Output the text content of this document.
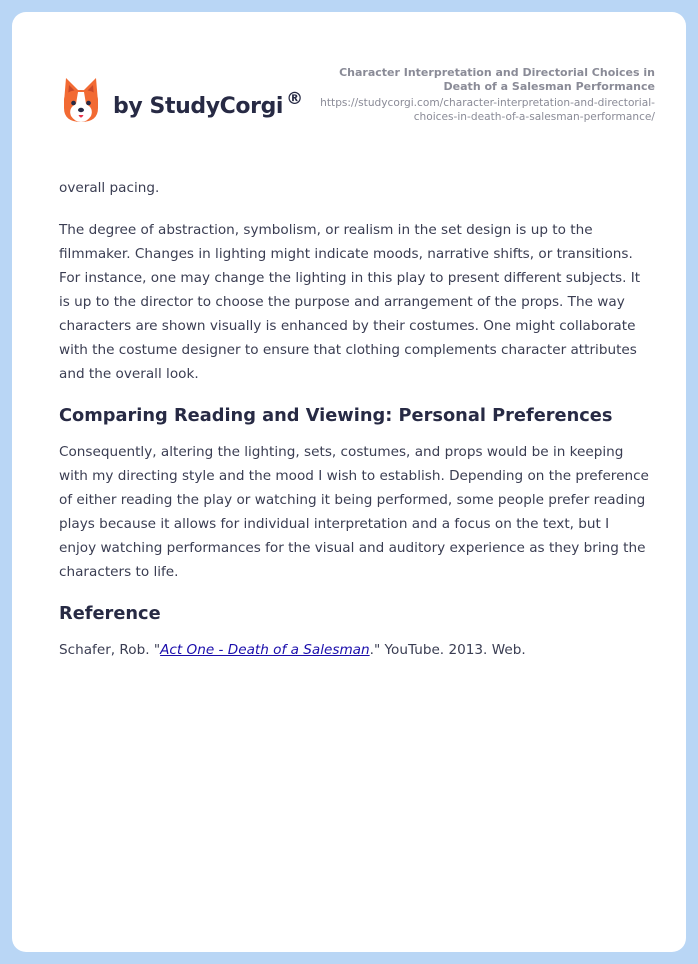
by StudyCorgi ®
Character Interpretation and Directorial Choices in Death of a Salesman Performance
https://studycorgi.com/character-interpretation-and-directorial-choices-in-death-of-a-salesman-performance/

overall pacing.

The degree of abstraction, symbolism, or realism in the set design is up to the filmmaker. Changes in lighting might indicate moods, narrative shifts, or transitions. For instance, one may change the lighting in this play to present different subjects. It is up to the director to choose the purpose and arrangement of the props. The way characters are shown visually is enhanced by their costumes. One might collaborate with the costume designer to ensure that clothing complements character attributes and the overall look.

Comparing Reading and Viewing: Personal Preferences

Consequently, altering the lighting, sets, costumes, and props would be in keeping with my directing style and the mood I wish to establish. Depending on the preference of either reading the play or watching it being performed, some people prefer reading plays because it allows for individual interpretation and a focus on the text, but I enjoy watching performances for the visual and auditory experience as they bring the characters to life.

Reference

Schafer, Rob. "Act One - Death of a Salesman." YouTube. 2013. Web.
